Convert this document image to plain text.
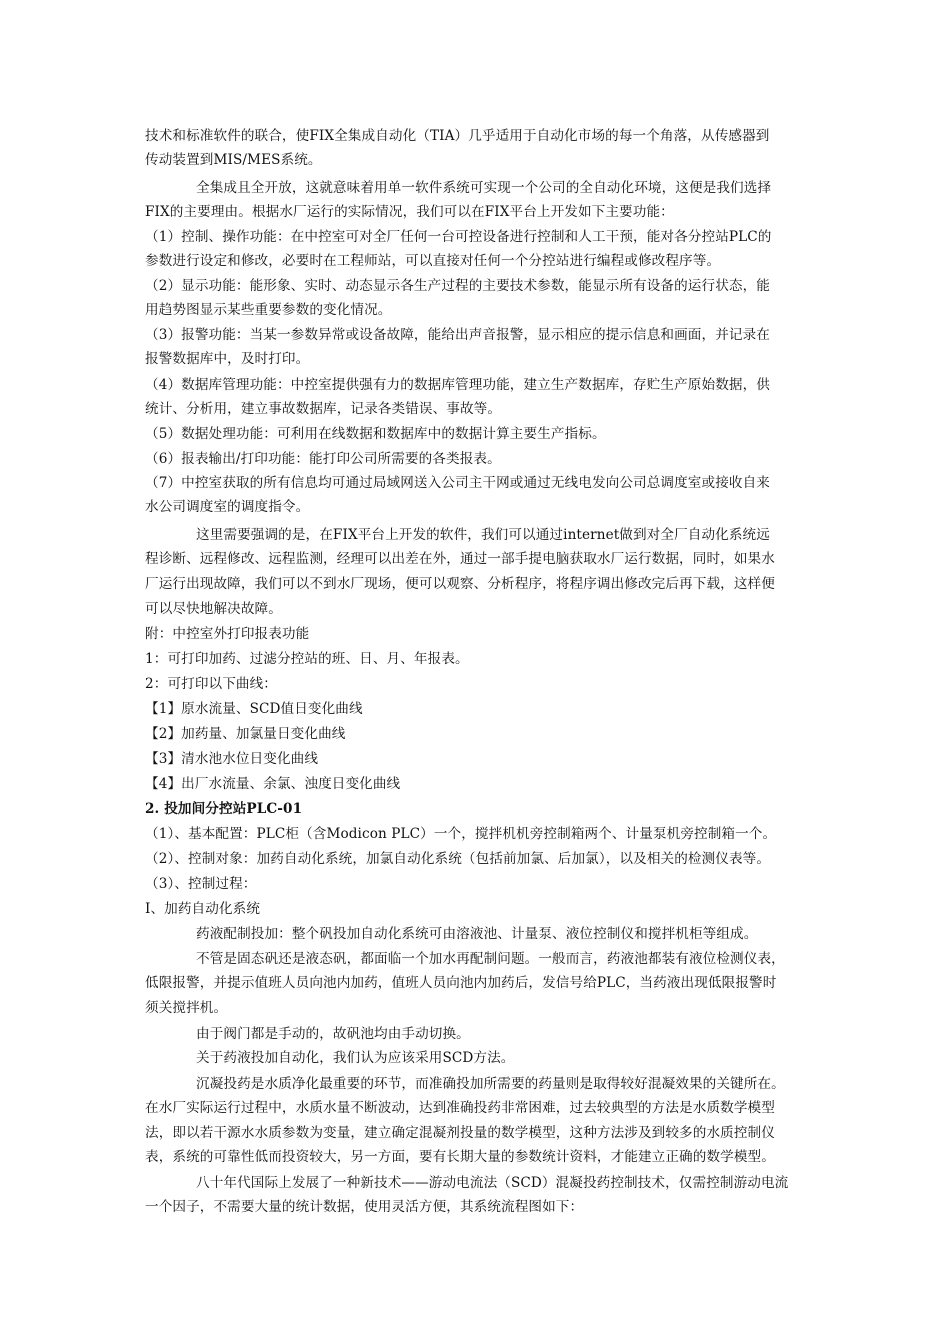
技术和标准软件的联合，使FIX全集成自动化（TIA）几乎适用于自动化市场的每一个角落，从传感器到
传动装置到MIS/MES系统。
全集成且全开放，这就意味着用单一软件系统可实现一个公司的全自动化环境，这便是我们选择
FIX的主要理由。根据水厂运行的实际情况，我们可以在FIX平台上开发如下主要功能：
（1）控制、操作功能：在中控室可对全厂任何一台可控设备进行控制和人工干预，能对各分控站PLC的
参数进行设定和修改，必要时在工程师站，可以直接对任何一个分控站进行编程或修改程序等。
（2）显示功能：能形象、实时、动态显示各生产过程的主要技术参数，能显示所有设备的运行状态，能
用趋势图显示某些重要参数的变化情况。
（3）报警功能：当某一参数异常或设备故障，能给出声音报警，显示相应的提示信息和画面，并记录在
报警数据库中，及时打印。
（4）数据库管理功能：中控室提供强有力的数据库管理功能，建立生产数据库，存贮生产原始数据，供
统计、分析用，建立事故数据库，记录各类错误、事故等。
（5）数据处理功能：可利用在线数据和数据库中的数据计算主要生产指标。
（6）报表输出/打印功能：能打印公司所需要的各类报表。
（7）中控室获取的所有信息均可通过局域网送入公司主干网或通过无线电发向公司总调度室或接收自来
水公司调度室的调度指令。
这里需要强调的是，在FIX平台上开发的软件，我们可以通过internet做到对全厂自动化系统远
程诊断、远程修改、远程监测，经理可以出差在外，通过一部手提电脑获取水厂运行数据，同时，如果水
厂运行出现故障，我们可以不到水厂现场，便可以观察、分析程序，将程序调出修改完后再下载，这样便
可以尽快地解决故障。
附：中控室外打印报表功能
1：可打印加药、过滤分控站的班、日、月、年报表。
2：可打印以下曲线：
【1】原水流量、SCD值日变化曲线
【2】加药量、加氯量日变化曲线
【3】清水池水位日变化曲线
【4】出厂水流量、余氯、浊度日变化曲线
2. 投加间分控站PLC-01
（1）、基本配置：PLC柜（含Modicon PLC）一个，搅拌机机旁控制箱两个、计量泵机旁控制箱一个。
（2）、控制对象：加药自动化系统，加氯自动化系统（包括前加氯、后加氯），以及相关的检测仪表等。
（3）、控制过程：
Ⅰ、加药自动化系统
药液配制投加：整个矾投加自动化系统可由溶液池、计量泵、液位控制仪和搅拌机柜等组成。
不管是固态矾还是液态矾，都面临一个加水再配制问题。一般而言，药液池都装有液位检测仪表，
低限报警，并提示值班人员向池内加药，值班人员向池内加药后，发信号给PLC，当药液出现低限报警时
须关搅拌机。
由于阀门都是手动的，故矾池均由手动切换。
关于药液投加自动化，我们认为应该采用SCD方法。
沉凝投药是水质净化最重要的环节，而准确投加所需要的药量则是取得较好混凝效果的关键所在。
在水厂实际运行过程中，水质水量不断波动，达到准确投药非常困难，过去较典型的方法是水质数学模型
法，即以若干源水水质参数为变量，建立确定混凝剂投量的数学模型，这种方法涉及到较多的水质控制仪
表，系统的可靠性低而投资较大，另一方面，要有长期大量的参数统计资料，才能建立正确的数学模型。
八十年代国际上发展了一种新技术——游动电流法（SCD）混凝投药控制技术，仅需控制游动电流
一个因子，不需要大量的统计数据，使用灵活方便，其系统流程图如下：
